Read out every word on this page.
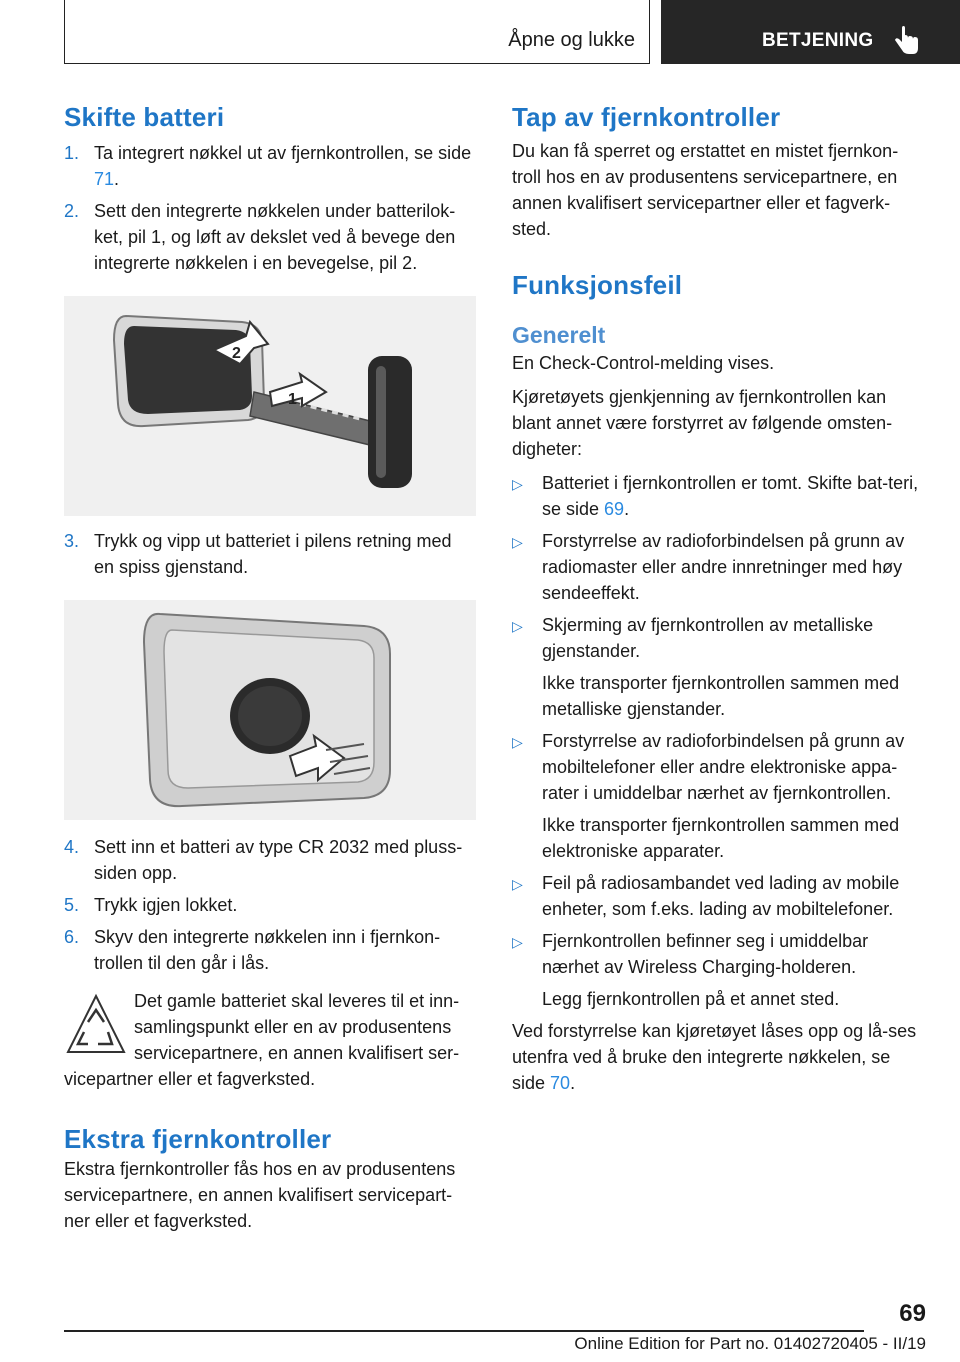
Åpne og lukke	BETJENING
Skifte batteri
1. Ta integrert nøkkel ut av fjernkontrollen, se side 71.
2. Sett den integrerte nøkkelen under batterilok-ket, pil 1, og løft av dekslet ved å bevege den integrerte nøkkelen i en bevegelse, pil 2.
2
1
3. Trykk og vipp ut batteriet i pilens retning med en spiss gjenstand.
4. Sett inn et batteri av type CR 2032 med pluss-siden opp.
5. Trykk igjen lokket.
6. Skyv den integrerte nøkkelen inn i fjernkon-trollen til den går i lås.
Det gamle batteriet skal leveres til et inn-samlingspunkt eller en av produsentens servicepartnere, en annen kvalifisert ser-vicepartner eller et fagverksted.
Ekstra fjernkontroller

Ekstra fjernkontroller fås hos en av produsentens servicepartnere, en annen kvalifisert servicepart-ner eller et fagverksted.

Tap av fjernkontroller

Du kan få sperret og erstattet en mistet fjernkon-troll hos en av produsentens servicepartnere, en annen kvalifisert servicepartner eller et fagverk-sted.

Funksjonsfeil
Generelt

En Check-Control-melding vises.

Kjøretøyets gjenkjenning av fjernkontrollen kan blant annet være forstyrret av følgende omsten-digheter:

▷ Batteriet i fjernkontrollen er tomt. Skifte bat-teri, se side 69.
▷ Forstyrrelse av radioforbindelsen på grunn av radiomaster eller andre innretninger med høy sendeeffekt.
▷ Skjerming av fjernkontrollen av metalliske gjenstander.
Ikke transporter fjernkontrollen sammen med metalliske gjenstander.
▷ Forstyrrelse av radioforbindelsen på grunn av mobiltelefoner eller andre elektroniske appa-rater i umiddelbar nærhet av fjernkontrollen.
Ikke transporter fjernkontrollen sammen med elektroniske apparater.
▷ Feil på radiosambandet ved lading av mobile enheter, som f.eks. lading av mobiltelefoner.
▷ Fjernkontrollen befinner seg i umiddelbar nærhet av Wireless Charging-holderen.
Legg fjernkontrollen på et annet sted.

Ved forstyrrelse kan kjøretøyet låses opp og lå-ses utenfra ved å bruke den integrerte nøkkelen, se side 70.

69
Online Edition for Part no. 01402720405 - II/19
